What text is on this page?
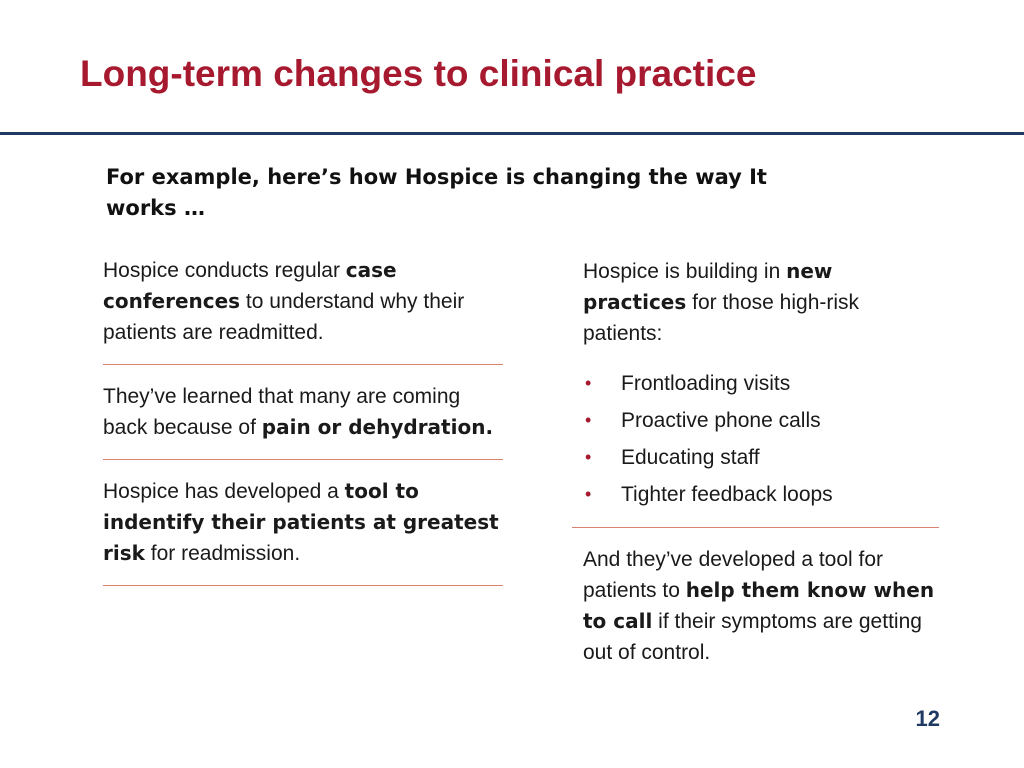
Long-term changes to clinical practice
For example, here’s how Hospice is changing the way It works …
Hospice conducts regular case conferences to understand why their patients are readmitted.
They’ve learned that many are coming back because of pain or dehydration.
Hospice has developed a tool to indentify their patients at greatest risk for readmission.
Hospice is building in new practices for those high-risk patients:
• Frontloading visits
• Proactive phone calls
• Educating staff
• Tighter feedback loops
And they’ve developed a tool for patients to help them know when to call if their symptoms are getting out of control.
12
